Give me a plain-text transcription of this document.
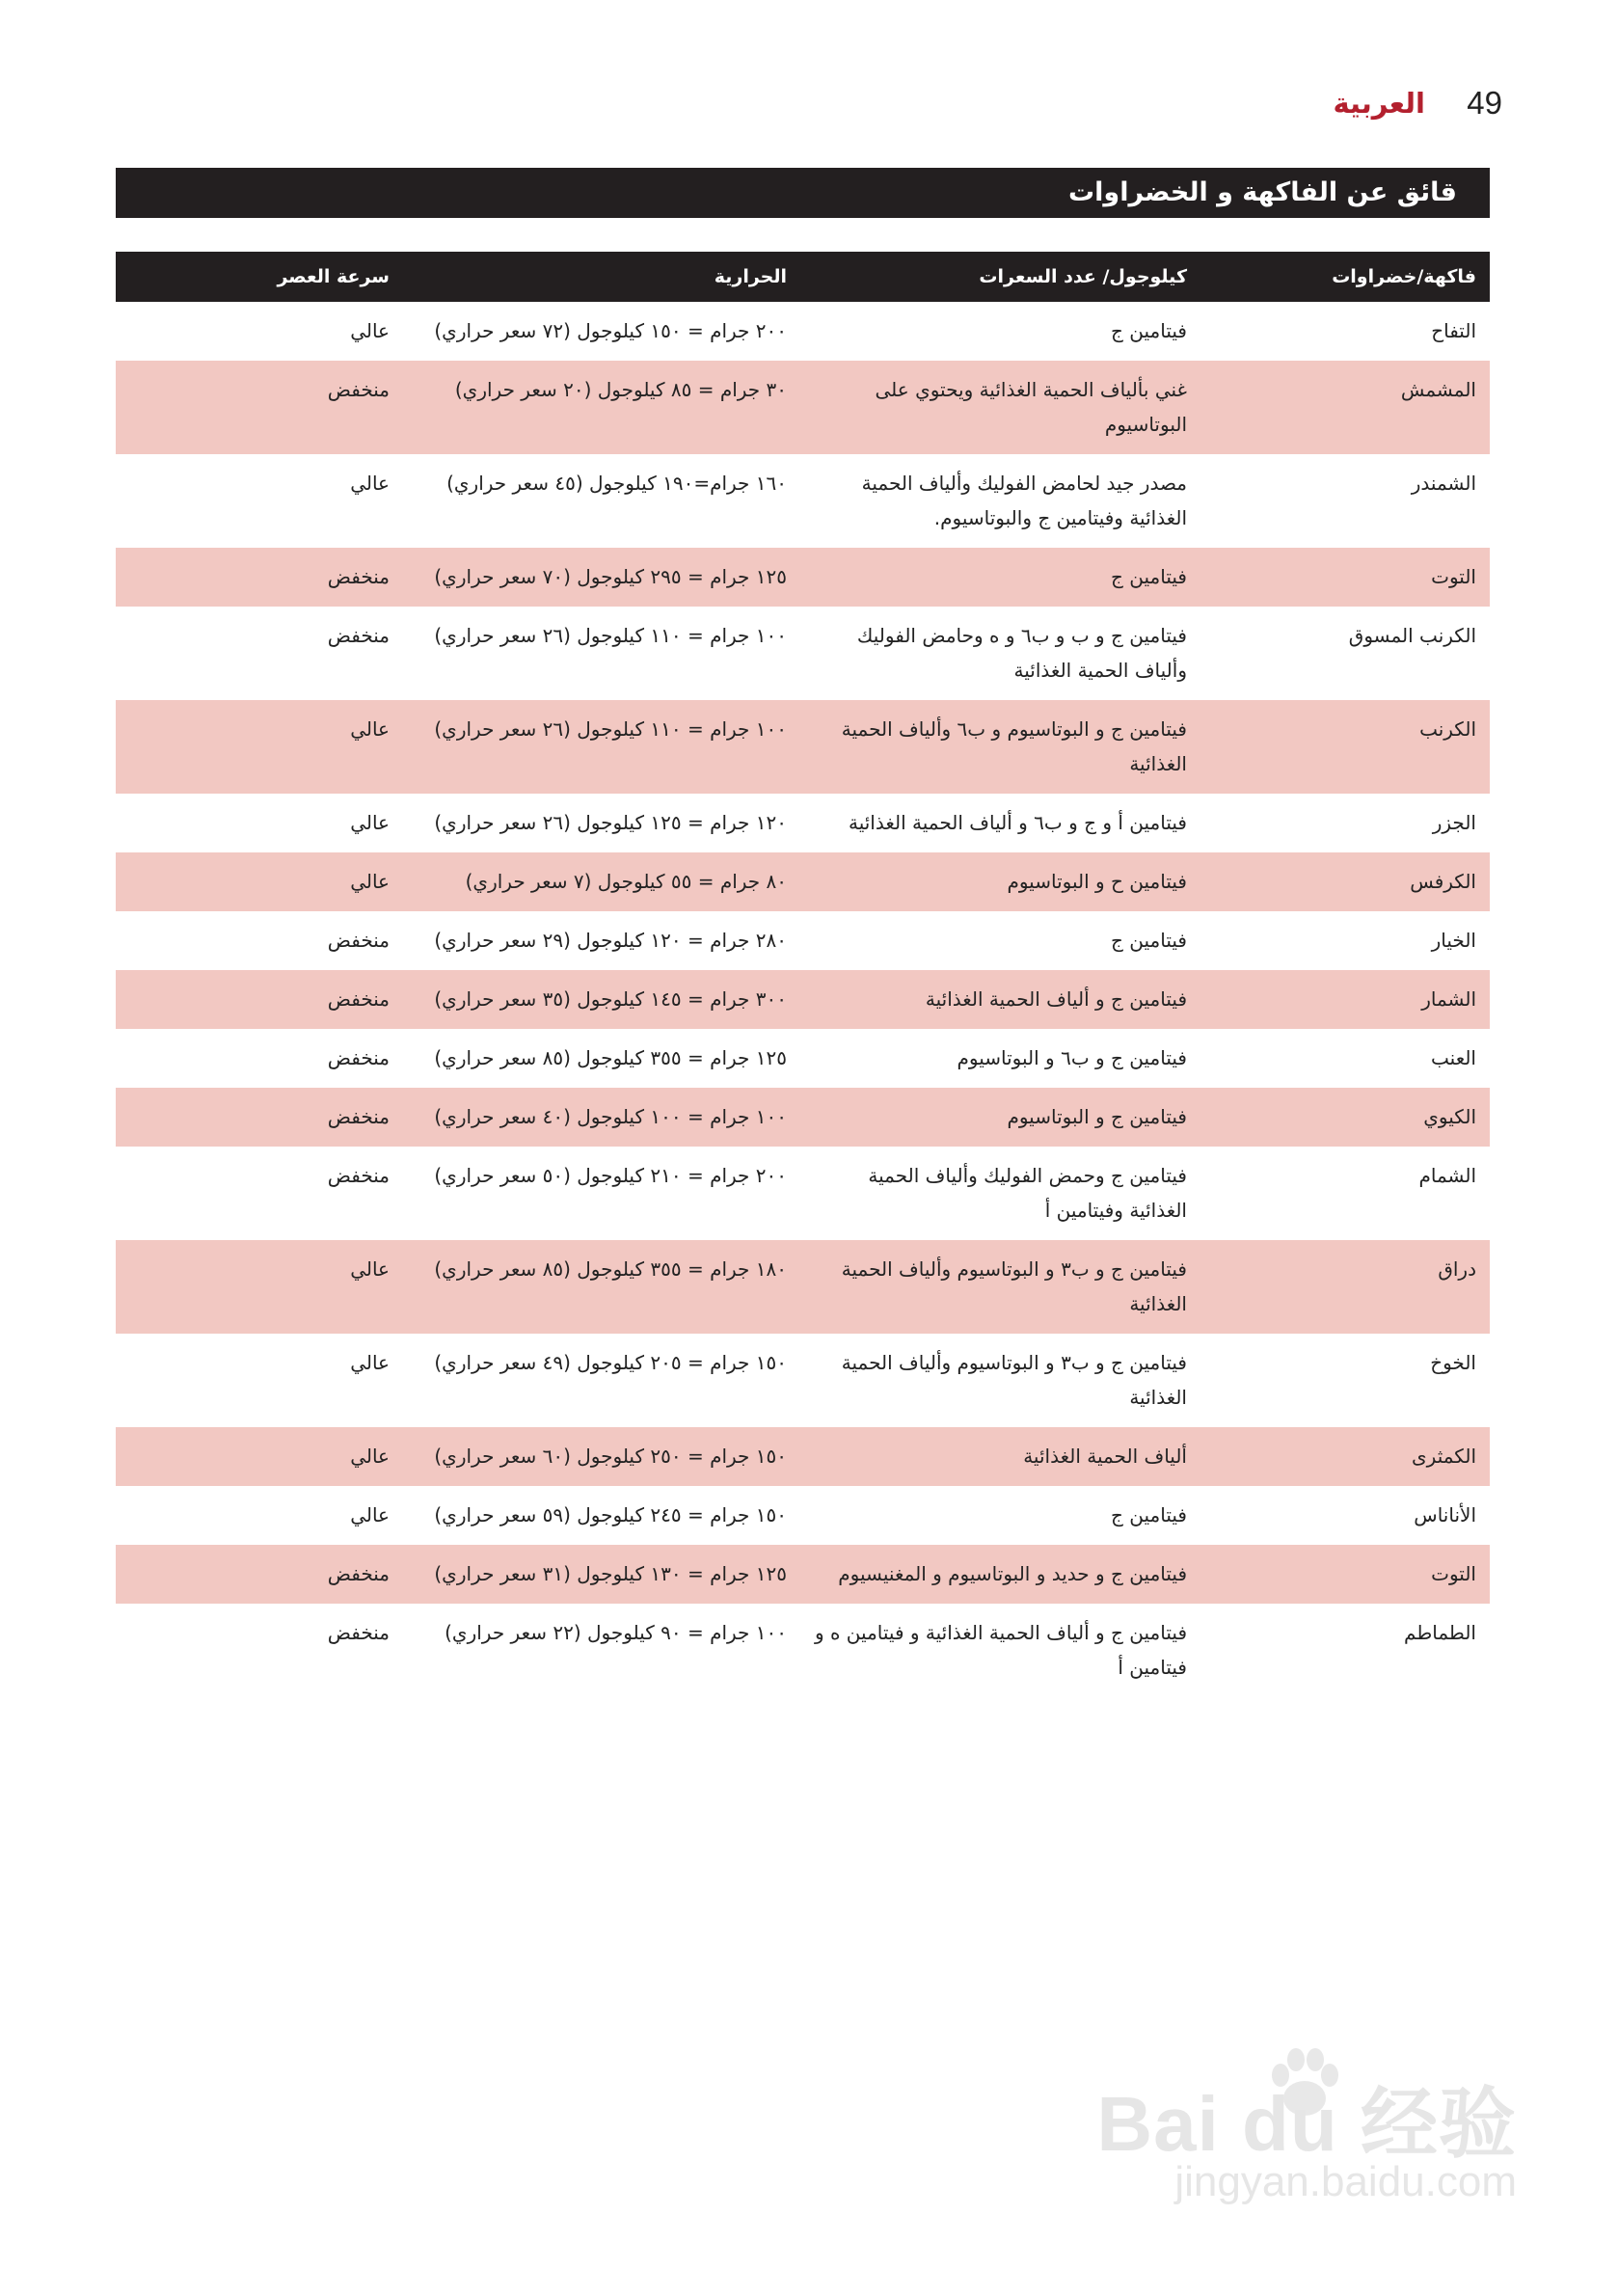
العربية 49
قائق عن الفاكهة و الخضراوات
فاكهة/خضراوات	كيلوجول/ عدد السعرات	الحرارية	سرعة العصر
التفاح	فيتامين ج	٢٠٠ جرام = ١٥٠ كيلوجول (٧٢ سعر حراري)	عالي
المشمش	غني بألياف الحمية الغذائية ويحتوي على البوتاسيوم	٣٠ جرام = ٨٥ كيلوجول (٢٠ سعر حراري)	منخفض
الشمندر	مصدر جيد لحامض الفوليك وألياف الحمية الغذائية وفيتامين ج والبوتاسيوم.	١٦٠ جرام=١٩٠ كيلوجول (٤٥ سعر حراري)	عالي
التوت	فيتامين ج	١٢٥ جرام = ٢٩٥ كيلوجول (٧٠ سعر حراري)	منخفض
الكرنب المسوق	فيتامين ج و ب و ب٦ و ه وحامض الفوليك وألياف الحمية الغذائية	١٠٠ جرام = ١١٠ كيلوجول (٢٦ سعر حراري)	منخفض
الكرنب	فيتامين ج و البوتاسيوم و ب٦ وألياف الحمية الغذائية	١٠٠ جرام = ١١٠ كيلوجول (٢٦ سعر حراري)	عالي
الجزر	فيتامين أ و ج و ب٦ و ألياف الحمية الغذائية	١٢٠ جرام = ١٢٥ كيلوجول (٢٦ سعر حراري)	عالي
الكرفس	فيتامين ح و البوتاسيوم	٨٠ جرام = ٥٥ كيلوجول (٧ سعر حراري)	عالي
الخيار	فيتامين ج	٢٨٠ جرام = ١٢٠ كيلوجول (٢٩ سعر حراري)	منخفض
الشمار	فيتامين ج و ألياف الحمية الغذائية	٣٠٠ جرام = ١٤٥ كيلوجول (٣٥ سعر حراري)	منخفض
العنب	فيتامين ج و ب٦ و البوتاسيوم	١٢٥ جرام = ٣٥٥ كيلوجول (٨٥ سعر حراري)	منخفض
الكيوي	فيتامين ج و البوتاسيوم	١٠٠ جرام = ١٠٠ كيلوجول (٤٠ سعر حراري)	منخفض
الشمام	فيتامين ج وحمض الفوليك وألياف الحمية الغذائية وفيتامين أ	٢٠٠ جرام = ٢١٠ كيلوجول (٥٠ سعر حراري)	منخفض
دراق	فيتامين ج و ب٣ و البوتاسيوم وألياف الحمية الغذائية	١٨٠ جرام = ٣٥٥ كيلوجول (٨٥ سعر حراري)	عالي
الخوخ	فيتامين ج و ب٣ و البوتاسيوم وألياف الحمية الغذائية	١٥٠ جرام = ٢٠٥ كيلوجول (٤٩ سعر حراري)	عالي
الكمثرى	ألياف الحمية الغذائية	١٥٠ جرام = ٢٥٠ كيلوجول (٦٠ سعر حراري)	عالي
الأناناس	فيتامين ج	١٥٠ جرام = ٢٤٥ كيلوجول (٥٩ سعر حراري)	عالي
التوت	فيتامين ج و حديد و البوتاسيوم و المغنيسيوم	١٢٥ جرام = ١٣٠ كيلوجول (٣١ سعر حراري)	منخفض
الطماطم	فيتامين ج و ألياف الحمية الغذائية و فيتامين ه و فيتامين أ	١٠٠ جرام = ٩٠ كيلوجول (٢٢ سعر حراري)	منخفض
Bai du 经验
jingyan.baidu.com
